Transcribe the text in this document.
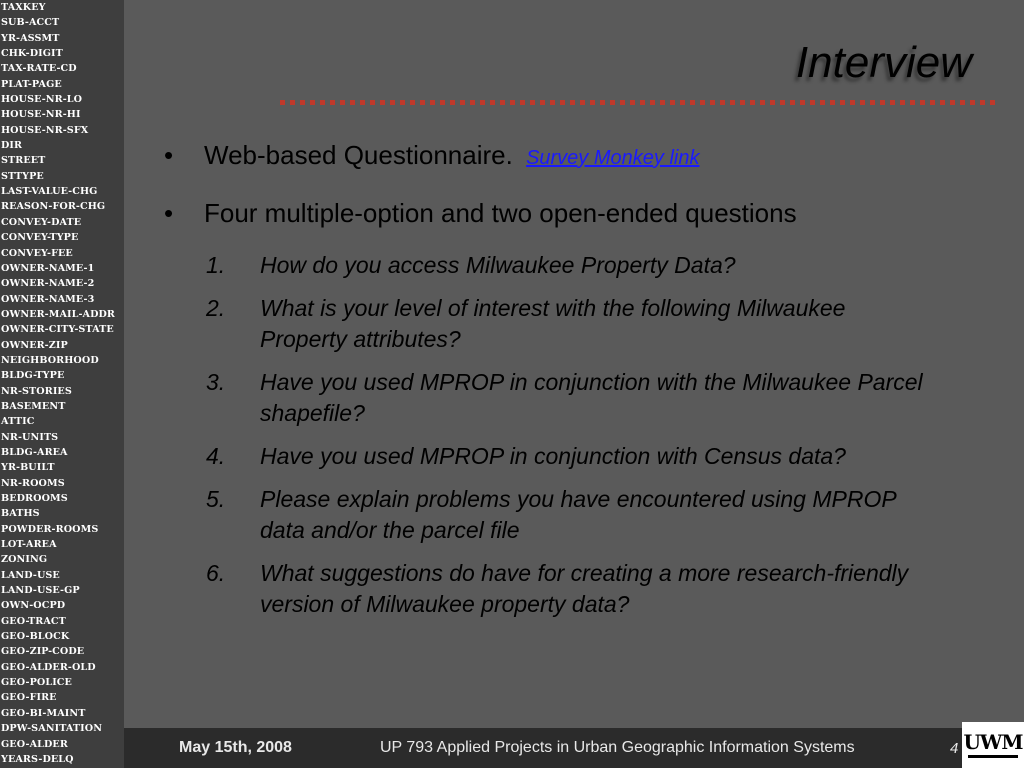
TAXKEY
SUB-ACCT
YR-ASSMT
CHK-DIGIT
TAX-RATE-CD
PLAT-PAGE
HOUSE-NR-LO
HOUSE-NR-HI
HOUSE-NR-SFX
DIR
STREET
STTYPE
LAST-VALUE-CHG
REASON-FOR-CHG
CONVEY-DATE
CONVEY-TYPE
CONVEY-FEE
OWNER-NAME-1
OWNER-NAME-2
OWNER-NAME-3
OWNER-MAIL-ADDR
OWNER-CITY-STATE
OWNER-ZIP
NEIGHBORHOOD
BLDG-TYPE
NR-STORIES
BASEMENT
ATTIC
NR-UNITS
BLDG-AREA
YR-BUILT
NR-ROOMS
BEDROOMS
BATHS
POWDER-ROOMS
LOT-AREA
ZONING
LAND-USE
LAND-USE-GP
OWN-OCPD
GEO-TRACT
GEO-BLOCK
GEO-ZIP-CODE
GEO-ALDER-OLD
GEO-POLICE
GEO-FIRE
GEO-BI-MAINT
DPW-SANITATION
GEO-ALDER
YEARS-DELQ
Interview
•	Web-based Questionnaire. Survey Monkey link
•	Four multiple-option and two open-ended questions
1.	How do you access Milwaukee Property Data?
2.	What is your level of interest with the following Milwaukee Property attributes?
3.	Have you used MPROP in conjunction with the Milwaukee Parcel shapefile?
4.	Have you used MPROP in conjunction with Census data?
5.	Please explain problems you have encountered using MPROP data and/or the parcel file
6.	What suggestions do have for creating a more research-friendly version of Milwaukee property data?
May 15th, 2008	UP 793 Applied Projects in Urban Geographic Information Systems	4 UWM
